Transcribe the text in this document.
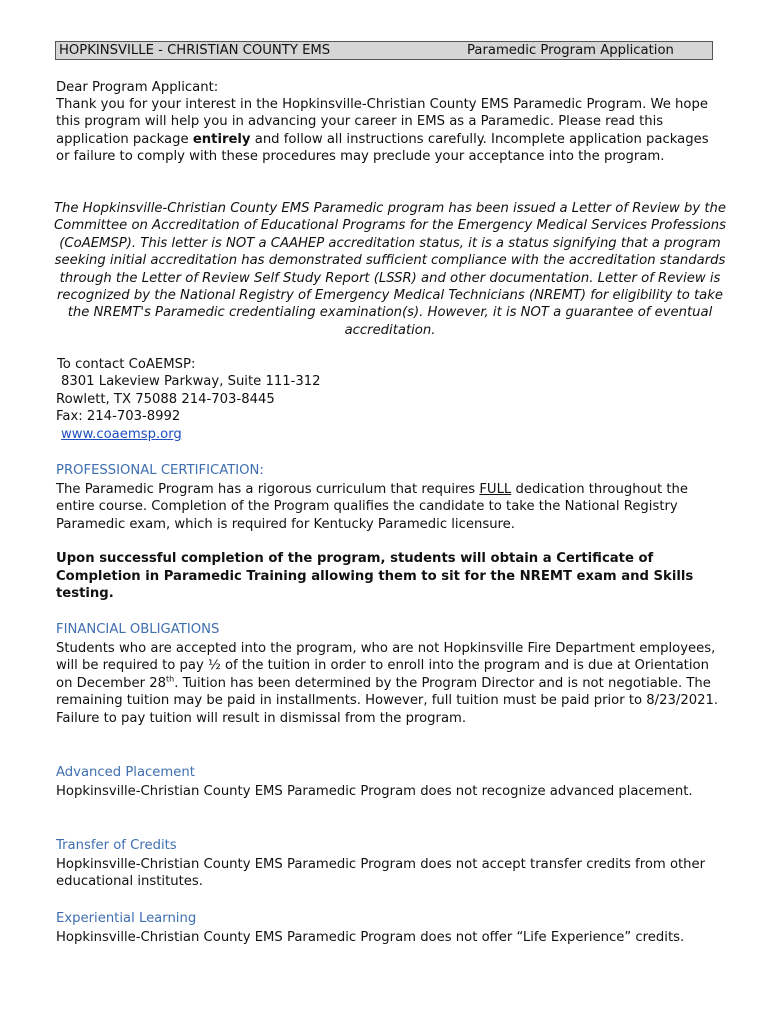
HOPKINSVILLE - CHRISTIAN COUNTY EMS	Paramedic Program Application
Dear Program Applicant:

Thank you for your interest in the Hopkinsville-Christian County EMS Paramedic Program. We hope this program will help you in advancing your career in EMS as a Paramedic. Please read this application package entirely and follow all instructions carefully. Incomplete application packages or failure to comply with these procedures may preclude your acceptance into the program.

The Hopkinsville-Christian County EMS Paramedic program has been issued a Letter of Review by the Committee on Accreditation of Educational Programs for the Emergency Medical Services Professions (CoAEMSP). This letter is NOT a CAAHEP accreditation status, it is a status signifying that a program seeking initial accreditation has demonstrated sufficient compliance with the accreditation standards through the Letter of Review Self Study Report (LSSR) and other documentation. Letter of Review is recognized by the National Registry of Emergency Medical Technicians (NREMT) for eligibility to take the NREMT's Paramedic credentialing examination(s). However, it is NOT a guarantee of eventual accreditation.

To contact CoAEMSP:
8301 Lakeview Parkway, Suite 111-312
Rowlett, TX 75088 214-703-8445
Fax: 214-703-8992
www.coaemsp.org
PROFESSIONAL CERTIFICATION:

The Paramedic Program has a rigorous curriculum that requires FULL dedication throughout the entire course. Completion of the Program qualifies the candidate to take the National Registry Paramedic exam, which is required for Kentucky Paramedic licensure.

Upon successful completion of the program, students will obtain a Certificate of Completion in Paramedic Training allowing them to sit for the NREMT exam and Skills testing.

FINANCIAL OBLIGATIONS

Students who are accepted into the program, who are not Hopkinsville Fire Department employees, will be required to pay ½ of the tuition in order to enroll into the program and is due at Orientation on December 28th. Tuition has been determined by the Program Director and is not negotiable. The remaining tuition may be paid in installments. However, full tuition must be paid prior to 8/23/2021. Failure to pay tuition will result in dismissal from the program.

Advanced Placement

Hopkinsville-Christian County EMS Paramedic Program does not recognize advanced placement.

Transfer of Credits

Hopkinsville-Christian County EMS Paramedic Program does not accept transfer credits from other educational institutes.

Experiential Learning

Hopkinsville-Christian County EMS Paramedic Program does not offer “Life Experience” credits.
